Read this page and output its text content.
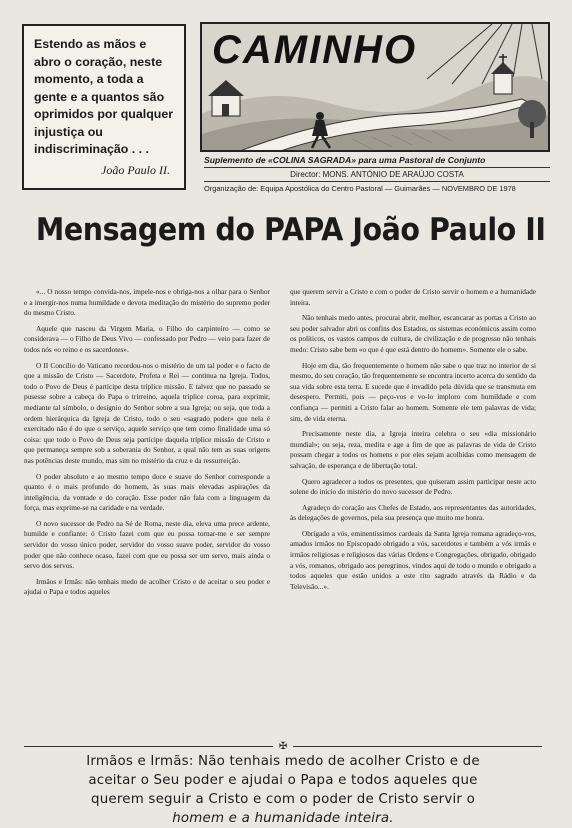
Estendo as mãos e abro o coração, neste momento, a toda a gente e a quantos são oprimidos por qualquer injustiça ou indiscriminação . . .

João Paulo II.
CAMINHO
Suplemento de «COLINA SAGRADA» para uma Pastoral de Conjunto
Director: MONS. ANTÓNIO DE ARAÚJO COSTA
Organização de: Equipa Apostólica do Centro Pastoral — Guimarães — NOVEMBRO DE 1978
Mensagem do PAPA João Paulo II

«... O nosso tempo convida-nos, impele-nos e obriga-nos a olhar para o Senhor e a imergir-nos numa humildade e devota meditação do mistério do supremo poder do mesmo Cristo.

Aquele que nasceu da Virgem Maria, o Filho do carpinteiro — como se considerava — o Filho de Deus Vivo — confessado por Pedro — veio para fazer de todos nós «o reino e os sacerdotes».

O II Concílio do Vaticano recordou-nos o mistério de um tal poder e o facto de que a missão de Cristo — Sacerdote, Profeta e Rei — continua na Igreja. Todos, todo o Povo de Deus é partícipe desta tríplice missão. E talvez que no passado se pusesse sobre a cabeça do Papa o trirreino, aquela tríplice coroa, para exprimir, mediante tal símbolo, o desígnio do Senhor sobre a sua Igreja; ou seja, que toda a ordem hierárquica da Igreja de Cristo, todo o seu «sagrado poder» que nela é exercitado não é do que o serviço, aquele serviço que tem como finalidade uma só coisa: que todo o Povo de Deus seja partícipe daquela tríplice missão de Cristo e que permaneça sempre sob a soberania do Senhor, a qual não tem as suas origens nas potências deste mundo, mas sim no mistério da cruz e da ressurreição.

O poder absoluto e ao mesmo tempo doce e suave do Senhor corresponde a quanto é o mais profundo do homem, às suas mais elevadas aspirações da inteligência, da vontade e do coração. Esse poder não fala com a linguagem da força, mas exprime-se na caridade e na verdade.

O novo sucessor de Pedro na Sé de Roma, neste dia, eleva uma prece ardente, humilde e confiante: ó Cristo fazei com que eu possa tornar-me e ser sempre servidor do vosso único poder, servidor do vosso suave poder, servidor do vosso poder que não conhece ocaso, fazei com que eu possa ser um servo, mais ainda o servo dos servos.

Irmãos e Irmãs: não tenhais medo de acolher Cristo e de aceitar o seu poder e ajudai o Papa e todos aqueles

que querem servir a Cristo e com o poder de Cristo servir o homem e a humanidade inteira.

Não tenhais medo antes, procurai abrir, melhor, escancarar as portas a Cristo ao seu poder salvador abri os confins dos Estados, os sistemas económicos assim como os políticos, os vastos campos de cultura, de civilização e de progresso não tenhais medo: Cristo sabe bem «o que é que está dentro do homem». Somente ele o sabe.

Hoje em dia, tão frequentemente o homem não sabe o que traz no interior de si mesmo, do seu coração, tão frequentemente se encontra incerto acerca do sentido da sua vida sobre esta terra. E sucede que é invadido pela dúvida que se transmuta em desespero. Permiti, pois — peço-vos e vo-lo imploro com humildade e com confiança — permiti a Cristo falar ao homem. Somente ele tem palavras de vida; sim, de vida eterna.

Precisamente neste dia, a Igreja inteira celebra o seu «dia missionário mundial»; ou seja, reza, medita e age a fim de que as palavras de vida de Cristo possam chegar a todos os homens e por eles sejam acolhidas como mensagem de salvação, de esperança e de libertação total.

Quero agradecer a todos os presentes, que quiseram assim participar neste acto solene do início do mistério do novo sucessor de Pedro.

Agradeço do coração aos Chefes de Estado, aos representantes das autoridades, às delegações de governos, pela sua presença que muito me honra.

Obrigado a vós, eminentíssimos cardeais da Santa Igreja romana agradeço-vos, amados irmãos no Episcopado obrigado a vós, sacerdotes e também a vós irmãs e irmãos religiosas e religiosos das várias Ordens e Congregações, obrigado, obrigado a vós, romanos, obrigado aos peregrinos, vindos aqui de todo o mundo e obrigado a todos aqueles que estão unidos a este rito sagrado através da Rádio e da Televisão...».

✠

Irmãos e Irmãs: Não tenhais medo de acolher Cristo e de

aceitar o Seu poder e ajudai o Papa e todos aqueles que

querem seguir a Cristo e com o poder de Cristo servir o

homem e a humanidade inteira.
